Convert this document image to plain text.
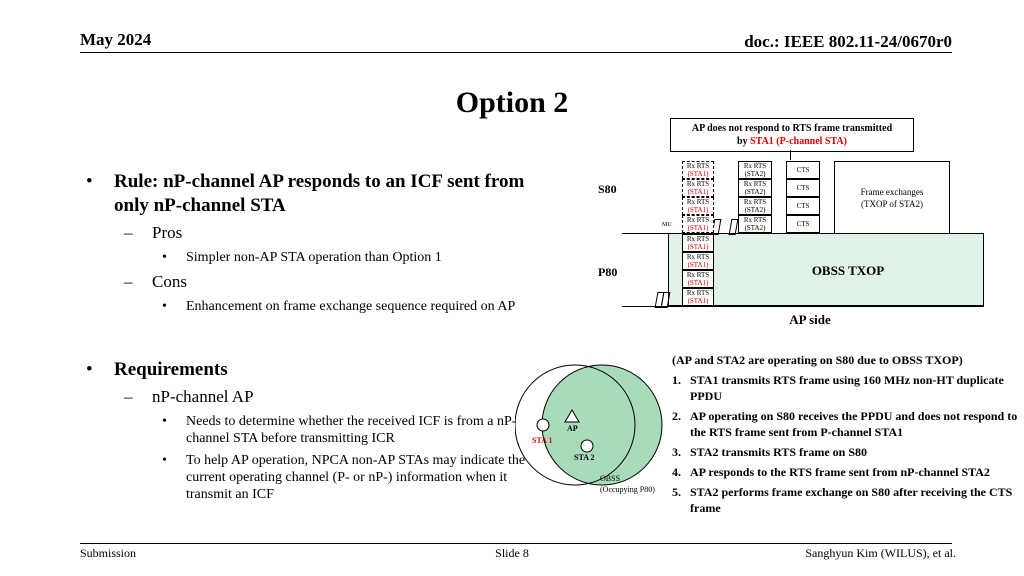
May 2024	doc.: IEEE 802.11-24/0670r0
Option 2
• Rule: nP-channel AP responds to an ICF sent from only nP-channel STA
– Pros
• Simpler non-AP STA operation than Option 1
– Cons
• Enhancement on frame exchange sequence required on AP
• Requirements
– nP-channel AP
• Needs to determine whether the received ICF is from a nP-channel STA before transmitting ICR
• To help AP operation, NPCA non-AP STAs may indicate the current operating channel (P- or nP-) information when it transmit an ICF
AP does not respond to RTS frame transmitted
by STA1 (P-channel STA)
S80
P80	OBSS TXOP
MU
Rx RTS
(STA1)
Rx RTS
(STA1)
Rx RTS
(STA1)
Rx RTS
(STA1)
Rx RTS
(STA1)
Rx RTS
(STA1)
Rx RTS
(STA1)
Rx RTS
(STA1)
Rx RTS
(STA2)
Rx RTS
(STA2)
Rx RTS
(STA2)
Rx RTS
(STA2)
CTS
CTS
CTS
CTS
Frame exchanges
(TXOP of STA2)
AP side
AP
STA 1
STA 2
OBSS
(Occupying P80)
(AP and STA2 are operating on S80 due to OBSS TXOP)
1. STA1 transmits RTS frame using 160 MHz non-HT duplicate PPDU
2. AP operating on S80 receives the PPDU and does not respond to the RTS frame sent from P-channel STA1
3. STA2 transmits RTS frame on S80
4. AP responds to the RTS frame sent from nP-channel STA2
5. STA2 performs frame exchange on S80 after receiving the CTS frame
Submission	Slide 8	Sanghyun Kim (WILUS), et al.
